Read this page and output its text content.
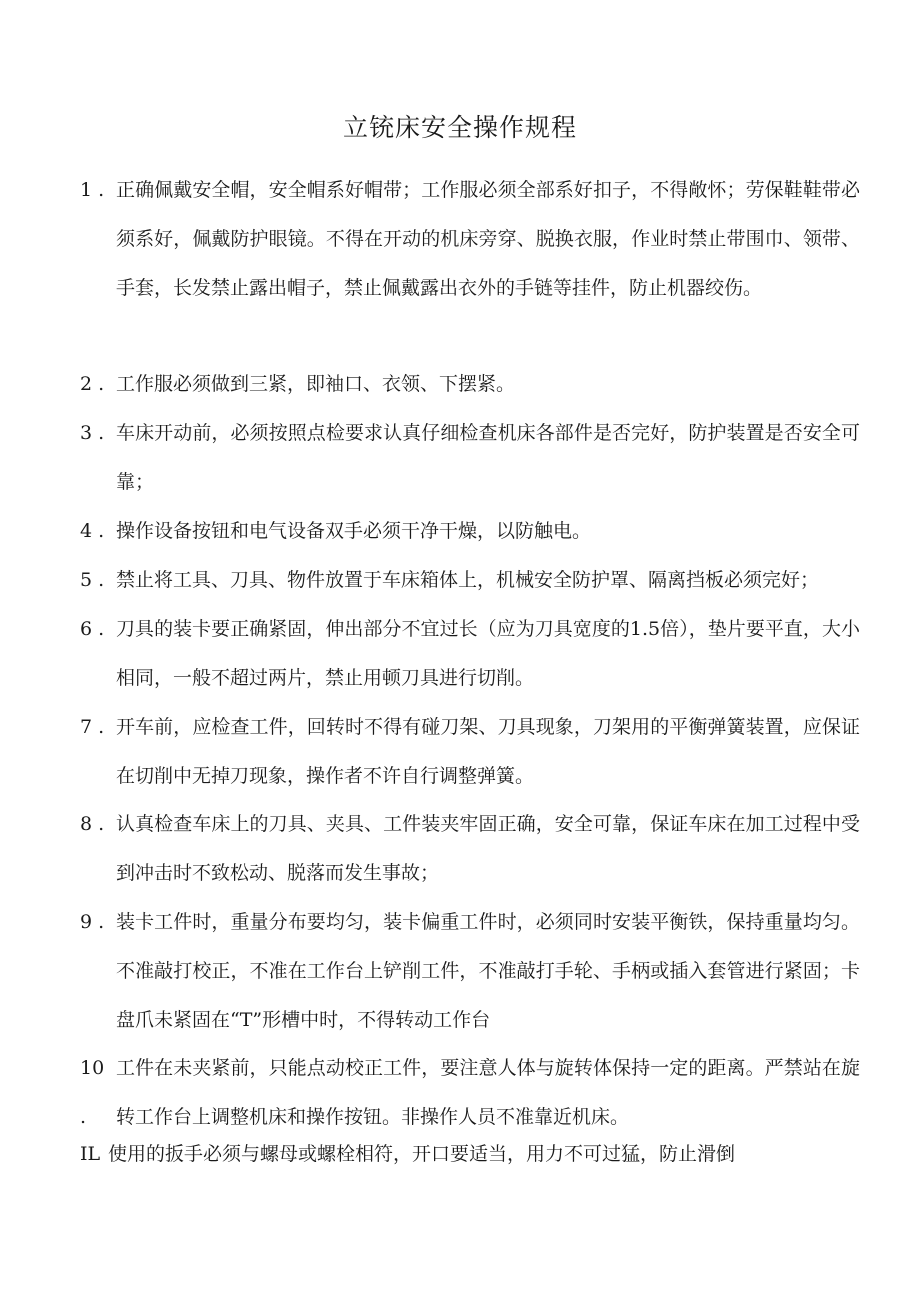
立铳床安全操作规程
1 . 正确佩戴安全帽，安全帽系好帽带；工作服必须全部系好扣子，不得敞怀；劳保鞋鞋带必须系好，佩戴防护眼镜。不得在开动的机床旁穿、脱换衣服，作业时禁止带围巾、领带、手套，长发禁止露出帽子，禁止佩戴露出衣外的手链等挂件，防止机器绞伤。
2 . 工作服必须做到三紧，即袖口、衣领、下摆紧。
3 . 车床开动前，必须按照点检要求认真仔细检查机床各部件是否完好，防护装置是否安全可靠；
4 . 操作设备按钮和电气设备双手必须干净干燥，以防触电。
5 . 禁止将工具、刀具、物件放置于车床箱体上，机械安全防护罩、隔离挡板必须完好；
6 . 刀具的装卡要正确紧固，伸出部分不宜过长（应为刀具宽度的1.5倍），垫片要平直，大小相同，一般不超过两片，禁止用顿刀具进行切削。
7 . 开车前，应检查工件，回转时不得有碰刀架、刀具现象，刀架用的平衡弹簧装置，应保证在切削中无掉刀现象，操作者不许自行调整弹簧。
8 . 认真检查车床上的刀具、夹具、工件装夹牢固正确，安全可靠，保证车床在加工过程中受到冲击时不致松动、脱落而发生事故；
9 . 装卡工件时，重量分布要均匀，装卡偏重工件时，必须同时安装平衡铁，保持重量均匀。不准敲打校正，不准在工作台上铲削工件，不准敲打手轮、手柄或插入套管进行紧固；卡盘爪未紧固在“T”形槽中时，不得转动工作台
10 .
工件在未夹紧前，只能点动校正工件，要注意人体与旋转体保持一定的距离。严禁站在旋转工作台上调整机床和操作按钮。非操作人员不准靠近机床。
IL 使用的扳手必须与螺母或螺栓相符，开口要适当，用力不可过猛，防止滑倒
